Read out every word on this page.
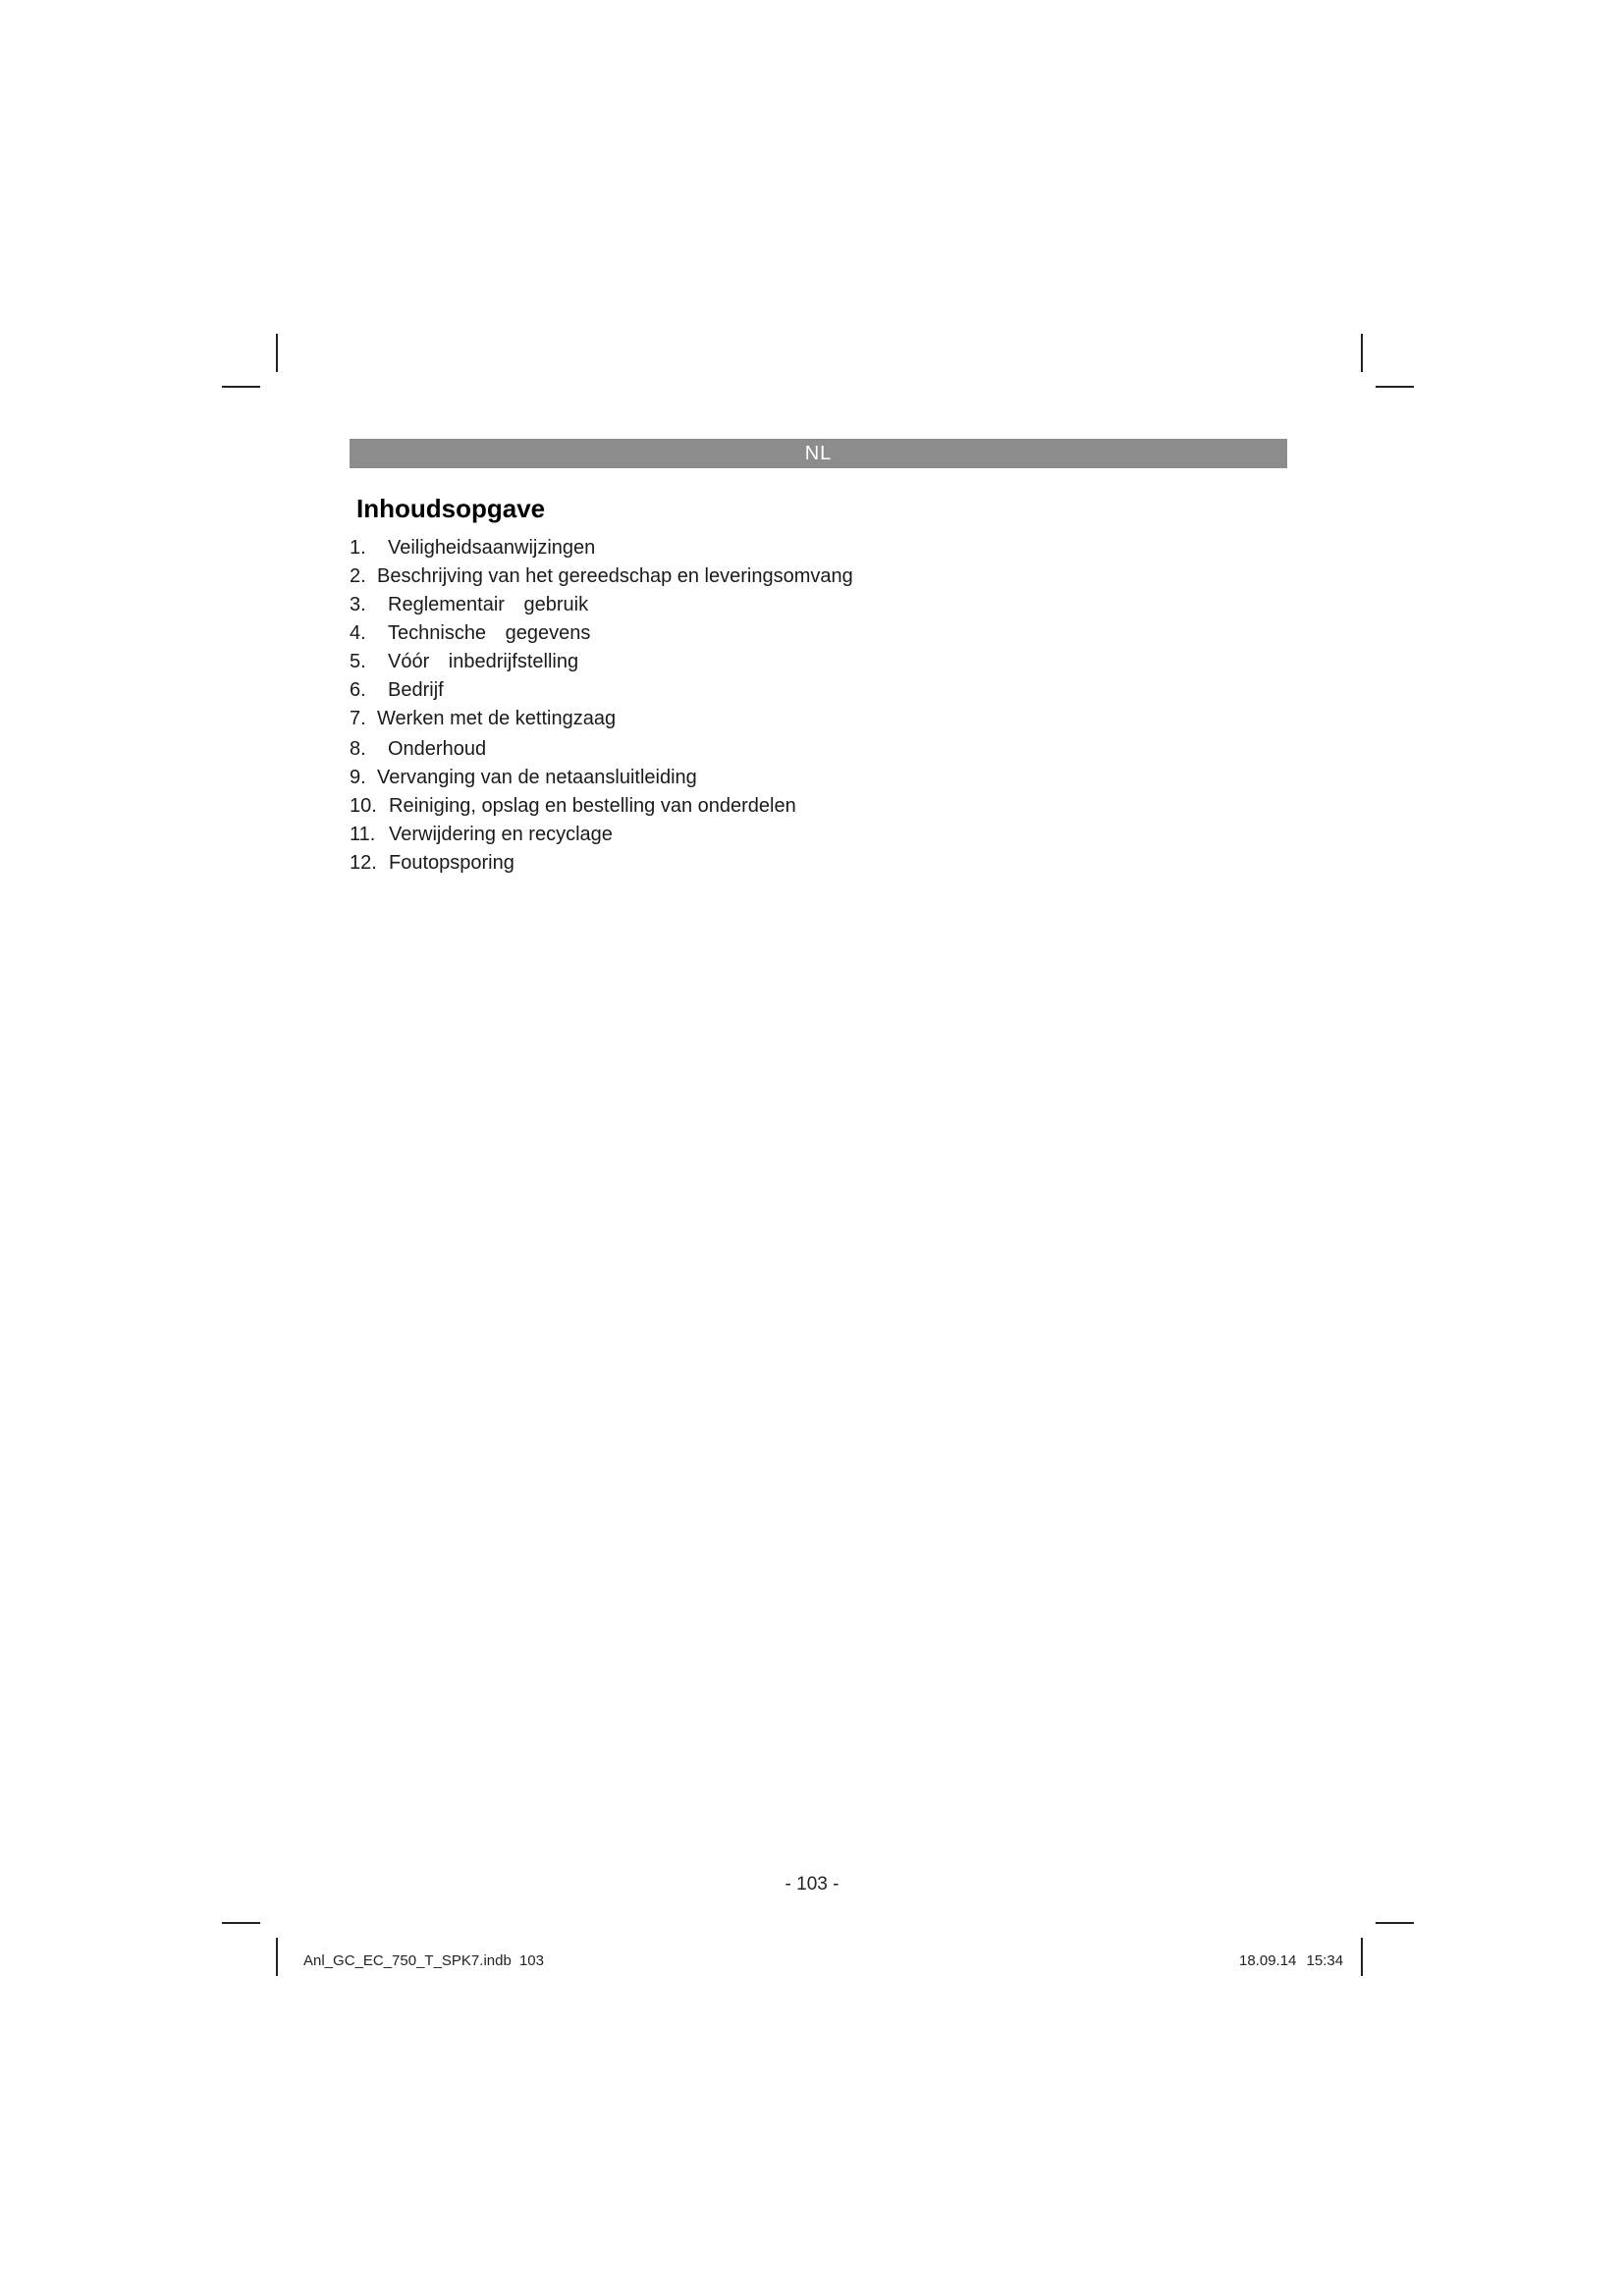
NL
Inhoudsopgave
1. Veiligheidsaanwijzingen
2. Beschrijving van het gereedschap en leveringsomvang
3. Reglementair gebruik
4. Technische gegevens
5. Vóór inbedrijfstelling
6. Bedrijf
7. Werken met de kettingzaag
8. Onderhoud
9. Vervanging van de netaansluitleiding
10. Reiniging, opslag en bestelling van onderdelen
11. Verwijdering en recyclage
12. Foutopsporing
- 103 -
Anl_GC_EC_750_T_SPK7.indb 103	18.09.14 15:34
